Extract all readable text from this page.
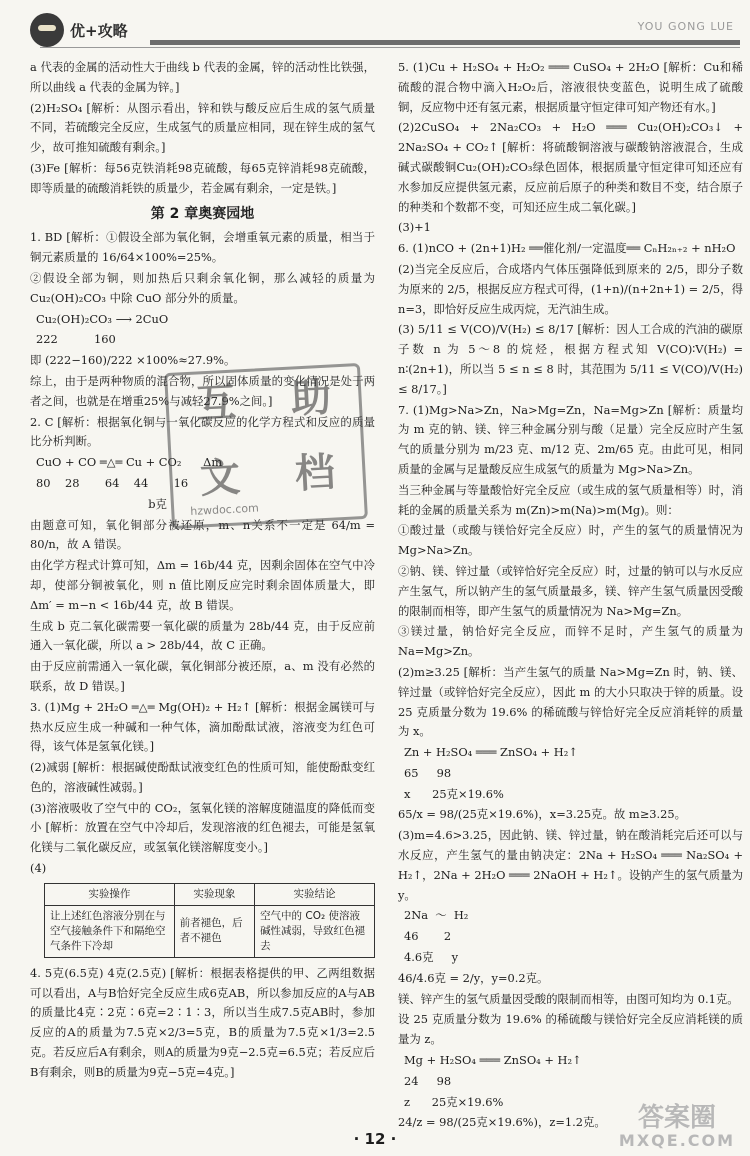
优+攻略	YOU GONG LUE

a 代表的金属的活动性大于曲线 b 代表的金属，锌的活动性比铁强，所以曲线 a 代表的金属为锌。]

(2)H₂SO₄ [解析：从图示看出，锌和铁与酸反应后生成的氢气质量不同，若硫酸完全反应，生成氢气的质量应相同，现在锌生成的氢气少，故可推知硫酸有剩余。]

(3)Fe [解析：每56克铁消耗98克硫酸，每65克锌消耗98克硫酸，即等质量的硫酸消耗铁的质量少，若金属有剩余，一定是铁。]

第 2 章奥赛园地

1. BD [解析：①假设全部为氧化铜，会增重氧元素的质量，相当于铜元素质量的 16/64×100%=25%。

②假设全部为铜，则加热后只剩余氧化铜，那么减轻的质量为 Cu₂(OH)₂CO₃ 中除 CuO 部分外的质量。

Cu₂(OH)₂CO₃ ⟶ 2CuO

222          160

即 (222−160)/222 ×100%≈27.9%。

综上，由于是两种物质的混合物，所以固体质量的变化情况是处于两者之间，也就是在增重25%与减轻27.9%之间。]

2. C [解析：根据氧化铜与一氧化碳反应的化学方程式和反应的质量比分析判断。

CuO + CO ═△═ Cu + CO₂      Δm

80    28       64    44       16

b克

由题意可知，氧化铜部分被还原，m、n关系不一定是 64/m = 80/n，故 A 错误。

由化学方程式计算可知，Δm = 16b/44 克，因剩余固体在空气中冷却，使部分铜被氧化，则 n 值比刚反应完时剩余固体质量大，即 Δm′ = m−n < 16b/44 克，故 B 错误。

生成 b 克二氧化碳需要一氧化碳的质量为 28b/44 克，由于反应前通入一氧化碳，所以 a > 28b/44，故 C 正确。

由于反应前需通入一氧化碳，氧化铜部分被还原，a、m 没有必然的联系，故 D 错误。]

3. (1)Mg + 2H₂O ═△═ Mg(OH)₂ + H₂↑ [解析：根据金属镁可与热水反应生成一种碱和一种气体，滴加酚酞试液，溶液变为红色可得，该气体是氢氧化镁。]

(2)减弱 [解析：根据碱使酚酞试液变红色的性质可知，能使酚酞变红色的，溶液碱性减弱。]

(3)溶液吸收了空气中的 CO₂，氢氧化镁的溶解度随温度的降低而变小 [解析：放置在空气中冷却后，发现溶液的红色褪去，可能是氢氧化镁与二氧化碳反应，或氢氧化镁溶解度变小。]

(4)

实验操作	实验现象	实验结论
让上述红色溶液分别在与空气接触条件下和隔绝空气条件下冷却	前者褪色，后者不褪色	空气中的 CO₂ 使溶液碱性减弱，导致红色褪去

4. 5克(6.5克) 4克(2.5克) [解析：根据表格提供的甲、乙两组数据可以看出，A与B恰好完全反应生成6克AB，所以参加反应的A与AB的质量比4克∶2克∶6克=2∶1∶3，所以当生成7.5克AB时，参加反应的A的质量为7.5克×2/3=5克，B的质量为7.5克×1/3=2.5克。若反应后A有剩余，则A的质量为9克−2.5克=6.5克；若反应后B有剩余，则B的质量为9克−5克=4克。]

5. (1)Cu + H₂SO₄ + H₂O₂ ═══ CuSO₄ + 2H₂O [解析：Cu和稀硫酸的混合物中滴入H₂O₂后，溶液很快变蓝色，说明生成了硫酸铜，反应物中还有氢元素，根据质量守恒定律可知产物还有水。]

(2)2CuSO₄ + 2Na₂CO₃ + H₂O ═══ Cu₂(OH)₂CO₃↓ + 2Na₂SO₄ + CO₂↑ [解析：将硫酸铜溶液与碳酸钠溶液混合，生成碱式碳酸铜Cu₂(OH)₂CO₃绿色固体，根据质量守恒定律可知还应有水参加反应提供氢元素，反应前后原子的种类和数目不变，结合原子的种类和个数都不变，可知还应生成二氧化碳。]

(3)+1

6. (1)nCO + (2n+1)H₂ ══催化剂/一定温度══ CₙH₂ₙ₊₂ + nH₂O

(2)当完全反应后，合成塔内气体压强降低到原来的 2/5，即分子数为原来的 2/5，根据反应方程式可得，(1+n)/(n+2n+1) = 2/5，得 n=3，即恰好反应生成丙烷，无汽油生成。

(3) 5/11 ≤ V(CO)/V(H₂) ≤ 8/17 [解析：因人工合成的汽油的碳原子数 n 为 5～8 的烷烃，根据方程式知 V(CO)∶V(H₂) = n∶(2n+1)，所以当 5 ≤ n ≤ 8 时，其范围为 5/11 ≤ V(CO)/V(H₂) ≤ 8/17。]

7. (1)Mg>Na>Zn，Na>Mg=Zn，Na=Mg>Zn [解析：质量均为 m 克的钠、镁、锌三种金属分别与酸（足量）完全反应时产生氢气的质量分别为 m/23 克、m/12 克、2m/65 克。由此可见，相同质量的金属与足量酸反应生成氢气的质量为 Mg>Na>Zn。

当三种金属与等量酸恰好完全反应（或生成的氢气质量相等）时，消耗的金属的质量关系为 m(Zn)>m(Na)>m(Mg)。则：

①酸过量（或酸与镁恰好完全反应）时，产生的氢气的质量情况为 Mg>Na>Zn。

②钠、镁、锌过量（或锌恰好完全反应）时，过量的钠可以与水反应产生氢气，所以钠产生的氢气质量最多，镁、锌产生氢气质量因受酸的限制而相等，即产生氢气的质量情况为 Na>Mg=Zn。

③镁过量，钠恰好完全反应，而锌不足时，产生氢气的质量为 Na=Mg>Zn。

(2)m≥3.25 [解析：当产生氢气的质量 Na>Mg=Zn 时，钠、镁、锌过量（或锌恰好完全反应），因此 m 的大小只取决于锌的质量。设 25 克质量分数为 19.6% 的稀硫酸与锌恰好完全反应消耗锌的质量为 x。

Zn + H₂SO₄ ═══ ZnSO₄ + H₂↑

65     98

x      25克×19.6%

65/x = 98/(25克×19.6%)，x=3.25克。故 m≥3.25。

(3)m=4.6>3.25，因此钠、镁、锌过量，钠在酸消耗完后还可以与水反应，产生氢气的量由钠决定：2Na + H₂SO₄ ═══ Na₂SO₄ + H₂↑，2Na + 2H₂O ═══ 2NaOH + H₂↑。设钠产生的氢气质量为 y。

2Na  ～  H₂

46       2

4.6克     y

46/4.6克 = 2/y，y=0.2克。

镁、锌产生的氢气质量因受酸的限制而相等，由图可知均为 0.1克。

设 25 克质量分数为 19.6% 的稀硫酸与镁恰好完全反应消耗镁的质量为 z。

Mg + H₂SO₄ ═══ ZnSO₄ + H₂↑

24     98

z      25克×19.6%

24/z = 98/(25克×19.6%)，z=1.2克。

互	助
文	档
hzwdoc.com
· 12 ·
答案圈
MXQE.COM
